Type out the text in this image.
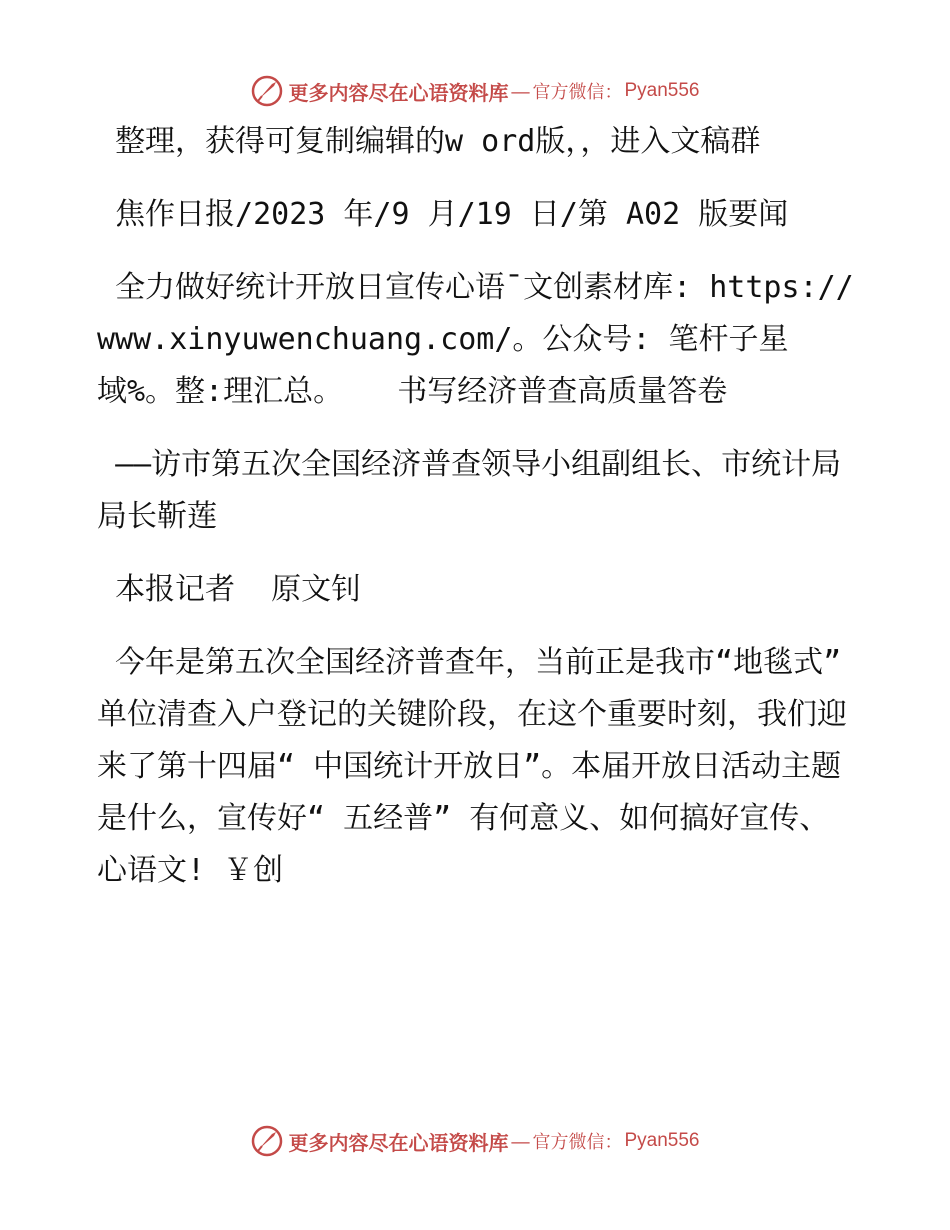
更多内容尽在心语资料库 — 官方微信： Pyan556

整理，获得可复制编辑的w ord版，，进入文稿群

焦作日报/2023 年/9 月/19 日/第 A02 版要闻

全力做好统计开放日宣传心语¯文创素材库: https://www.xinyuwenchuang.com/。公众号: 笔杆子星域%。整:理汇总。   书写经济普查高质量答卷

——访市第五次全国经济普查领导小组副组长、市统计局局长靳莲

本报记者  原文钊

今年是第五次全国经济普查年，当前正是我市“地毯式” 单位清查入户登记的关键阶段，在这个重要时刻，我们迎来了第十四届“ 中国统计开放日”。本届开放日活动主题是什么，宣传好“ 五经普” 有何意义、如何搞好宣传、心语文! ￥创

更多内容尽在心语资料库 — 官方微信： Pyan556
